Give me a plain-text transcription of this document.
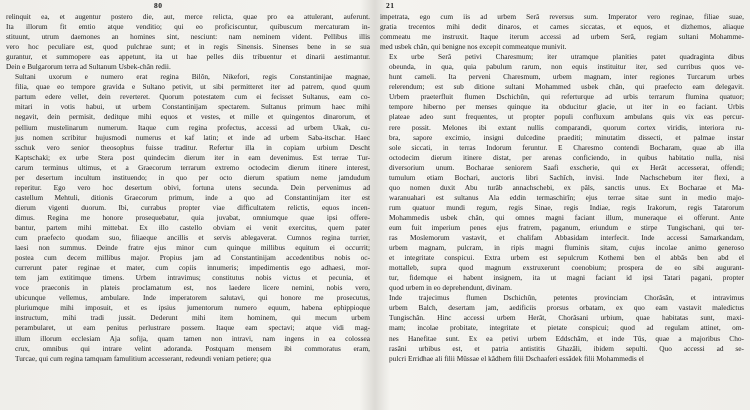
80

relinquit ea, et augentur postero die, aut, merce relicta, quae pro ea attulerant, auferunt.
Ita illorum fit emtio atque venditio; qui eo proficiscuntur, quibuscum mercaturam in-
stituunt, utrum daemones an homines sint, nesciunt: nam neminem vident. Pellibus illis
vero hoc peculiare est, quod pulchrae sunt; et in regis Sinensis. Sinenses bene in se sua
gurantur, et summopere eas appetunt, ita ut hae pelles diis tribuentur et dinarii aestimantur.
Dein e Bulgarorum terra ad Sultanum Usbek-chân redii.

Sultani uxorum e numero erat regina Bilôn, Nikefori, regis Constantinijae magnae,
filia, quae eo tempore gravida e Sultano petivit, ut sibi permitteret iter ad patrem, quod quum
partum edere vellet, dein reverteret. Quorum potestatem cum ei fecisset Sultanus, eam co-
mitari in votis habui, ut urbem Constantinijam spectarem. Sultanus primum haec mihi
negavit, dein permisit, deditque mihi equos et vestes, et mille et quingentos dinarorum, et
pellium mustelinarum numerum. Itaque cum regina profectus, accessi ad urbem Ukak, cu-
jus nomen scribitur hujusmodi numerus et kaf latin; et inde ad urbem Saba-itschar. Haec
sschuk vero senior theosophus fuisse traditur. Refertur illa in copiam urbium Descht
Kaptschaki; ex urbe Stera post quindecim dierum iter in eam devenimus. Est terrae Tur-
carum terminus ultimus, et a Graecorum terrarum extremo octodecim dierum itinere interest,
per desertum incultum instituendo; in quo per octo dierum spatium neme jamdudum
reperitur. Ego vero hoc desertum obivi, fortuna utens secunda. Dein pervenimus ad
castellum Mehtuli, ditionis Graecorum primum, inde a quo ad Constantinijam iter est
dierum vigenti duorum. Ibi, currabus propter viae difficultatem relictis, equos incen-
dimus. Regina me honore prosequebatur, quia juvabat, omniumque quae ipsi offere-
bantur, partem mihi mittebat. Ex illo castello obviam ei venit exercitus, quem pater
cum praefecto quodam suo, filiaeque ancillis et servis ablegaverat. Cumnos regina turrier,
laesi non summus. Deinde fratre ejus minor cum quinque millibus equitum ei occurrit;
postea cum decem millibus major. Propius jam ad Constantinijam accedentibus nobis oc-
currerunt pater reginae et mater, cum copiis innumeris; impedimentis ego adhaesi, mor-
tem jam extitimque timens. Urbem intravimus; constitutus nobis victus et pecunia, et
voce praeconis in plateis proclamatum est, nos laedere licere nemini, nobis vero,
ubicunque vellemus, ambulare. Inde imperatorem salutavi, qui honore me prosecutus,
pluriumque mihi imposuit, et es ipsius jumentorum numero equum, habena ephippioque
instructum, mihi tradi jussit. Dederunt mihi item hominem, qui mecum urbem
perambularet, ut eam penitus perlustrare possem. Itaque eam spectavi; atque vidi mag-
illum illorum ecclesiam Aja sofija, quam tamen non intravi, nam ingens in ea colossea
crux, omnibus qui intrare velint adoranda. Postquam mensem ibi commoratus eram,
Turcae, qui cum regina tamquam famulitium accesserant, redeundi veniam petiere; qua

21

impetrata, ego cum iis ad urbem Serâ reversus sum. Imperator vero reginae, filiae suae,
gratia trecentos mihi dedit dinaros, et carnes siccatas, et equos, et dizhemos, aliaque
commeatu me instruxit. Itaque iterum accessi ad urbem Serâ, regiam sultani Mohamme-
med usbek chân, qui benigne nos excepit commeatque munivit.

Ex urbe Serâ petivi Charesmum; iter utramque planities patet quadraginta dibus
obeunda, in qua, quia pabulum rarum, non equis instituitur iter, sed curribus quos ve-
hunt cameli. Ita perveni Charesmum, urbem magnam, inter regiones Turcarum urbes
relerendum; est sub ditione sultani Mohammed usbek chân, qui praefecto eam delegavit.
Urbem praeterfluit flumen Dschichûn, qui referturque ad urbis terrarum flumina quatuor;
tempore hiberno per menses quinque ita obducitur glacie, ut iter in eo faciant. Urbis
plateae adeo sunt frequentes, ut propter populi confluxum ambulans quis vix eas percur-
rere possit. Melones ibi extant nullis comparandi, quorum cortex viridis, interiora ru-
bra, sapore excimio, insigni dulcedine praediti; minutatim dissecti, et palmae instar
sole siccati, in terras Indorum feruntur. E Charesmo contendi Bocharam, quae ab illa
octodecim dierum itinere distat, per arenas conficiendo, in quibus habitatio nulla, nisi
diversorium unum. Bocharae seniorem Saafi exscherie, qui ex Herât accesserat, offendi;
tumulum etiam Bochari, auctoris libri Sachîch, invisi. Inde Nachschebum iter flexi, a
quo nomen duxit Abu turâb annachschebi, ex pâls, sanctis unus. Ex Bocharae et Ma-
waranuahari est sultanus Ala eddin termaschirîn; ejus terrae sitae sunt in medio majo-
rum quatuor mundi regum, regis Sinae, regis Indiae, regis Irakorum, regis Tatarorum
Mohammedis usbek chân, qui omnes magni faciant illum, muneraque ei offerunt. Ante
eum fuit imperium penes ejus fratrem, paganum, eriundum e stirpe Tungischani, qui ter-
ras Moslemorum vastavit, et chalifam Abbasidam interfecit. Inde accessi Samarkandam,
urbem magnam, pulcram, in ripis magni fluminis sitam, cujus incolae animo generoso
et integritate conspicui. Extra urbem est sepulcrum Kothemi ben el abbâs ben abd el
mottalleb, supra quod magnum exstruxerunt coenobium; prospera de eo sibi augurant-
tur, fidemque ei habent insignem, ita ut magni faciant id ipsi Tatari pagani, propter
quod urbem in eo deprehendunt, divinam.

Inde trajecimus flumen Dschichûn, petentes provinciam Chorâsân, et intravimus
urbem Balch, desertam jam, aedificiis prorsus orbatam, ex quo eam vastavit maledictus
Tungischân. Hinc accessi urbem Herât, Chorâsani urbium, quae habitatas sunt, maxi-
mam; incolae probitate, integritate et pietate conspicui; quod ad regulam attinet, om-
nes Hanefitae sunt. Ex ea petivi urbem Eddschâm, et inde Tûs, quae a majoribus Cho-
rasâni urbibus est, et patria antistitis Ghazâli, ibidem sepulti. Quo accessi ad se-
pulcri Erridhae ali filii Mûssae el kâdhem filii Dschaaferi essâdek filii Mohammedis el
